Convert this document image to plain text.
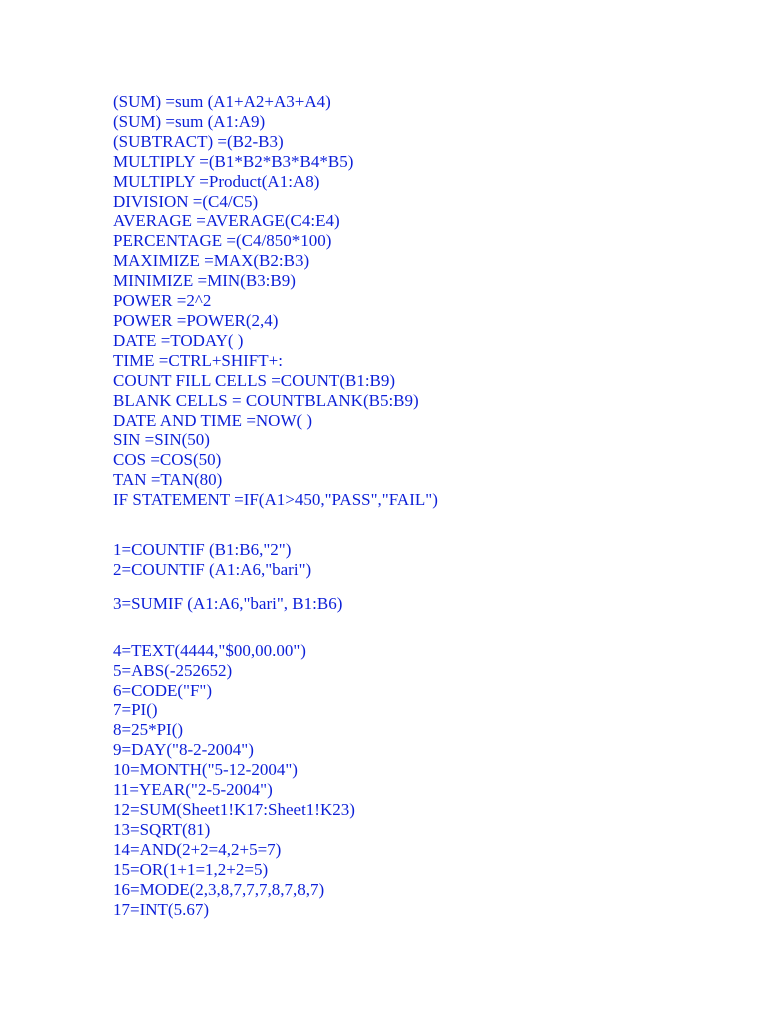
(SUM) =sum (A1+A2+A3+A4)

(SUM) =sum (A1:A9)

(SUBTRACT) =(B2-B3)

MULTIPLY =(B1*B2*B3*B4*B5)

MULTIPLY =Product(A1:A8)

DIVISION =(C4/C5)

AVERAGE =AVERAGE(C4:E4)

PERCENTAGE =(C4/850*100)

MAXIMIZE =MAX(B2:B3)

MINIMIZE =MIN(B3:B9)

POWER =2^2

POWER =POWER(2,4)

DATE =TODAY( )

TIME =CTRL+SHIFT+:

COUNT FILL CELLS =COUNT(B1:B9)

BLANK CELLS = COUNTBLANK(B5:B9)

DATE AND TIME =NOW( )

SIN =SIN(50)

COS =COS(50)

TAN =TAN(80)

IF STATEMENT =IF(A1>450,"PASS","FAIL")

1=COUNTIF (B1:B6,"2")

2=COUNTIF (A1:A6,"bari")

3=SUMIF (A1:A6,"bari", B1:B6)

4=TEXT(4444,"$00,00.00")

5=ABS(-252652)

6=CODE("F")

7=PI()

8=25*PI()

9=DAY("8-2-2004")

10=MONTH("5-12-2004")

11=YEAR("2-5-2004")

12=SUM(Sheet1!K17:Sheet1!K23)

13=SQRT(81)

14=AND(2+2=4,2+5=7)

15=OR(1+1=1,2+2=5)

16=MODE(2,3,8,7,7,7,8,7,8,7)

17=INT(5.67)
